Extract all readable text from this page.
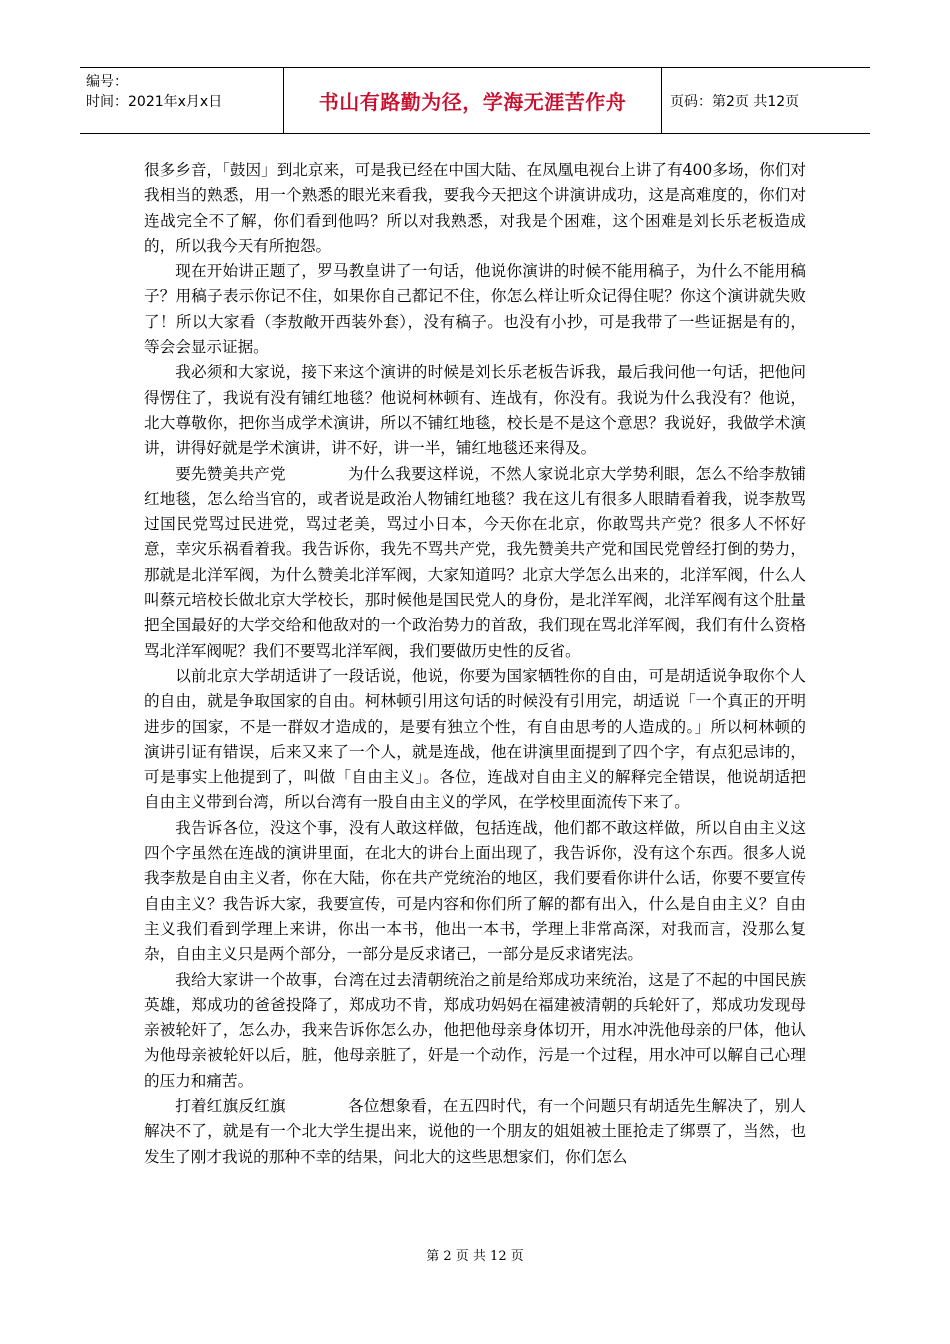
编号：
时间：2021年x月x日	书山有路勤为径，学海无涯苦作舟	页码：第2页 共12页

很多乡音，「鼓因」到北京来，可是我已经在中国大陆、在凤凰电视台上讲了有400多场，你们对我相当的熟悉，用一个熟悉的眼光来看我，要我今天把这个讲演讲成功，这是高难度的，你们对连战完全不了解，你们看到他吗？所以对我熟悉，对我是个困难，这个困难是刘长乐老板造成的，所以我今天有所抱怨。

现在开始讲正题了，罗马教皇讲了一句话，他说你演讲的时候不能用稿子，为什么不能用稿子？用稿子表示你记不住，如果你自己都记不住，你怎么样让听众记得住呢？你这个演讲就失败了！所以大家看（李敖敞开西装外套），没有稿子。也没有小抄，可是我带了一些证据是有的，等会会显示证据。

我必须和大家说，接下来这个演讲的时候是刘长乐老板告诉我，最后我问他一句话，把他问得愣住了，我说有没有铺红地毯？他说柯林顿有、连战有，你没有。我说为什么我没有？他说，北大尊敬你，把你当成学术演讲，所以不铺红地毯，校长是不是这个意思？我说好，我做学术演讲，讲得好就是学术演讲，讲不好，讲一半，铺红地毯还来得及。

要先赞美共产党	为什么我要这样说，不然人家说北京大学势利眼，怎么不给李敖铺红地毯，怎么给当官的，或者说是政治人物铺红地毯？我在这儿有很多人眼睛看着我，说李敖骂过国民党骂过民进党，骂过老美，骂过小日本，今天你在北京，你敢骂共产党？很多人不怀好意，幸灾乐祸看着我。我告诉你，我先不骂共产党，我先赞美共产党和国民党曾经打倒的势力，那就是北洋军阀，为什么赞美北洋军阀，大家知道吗？北京大学怎么出来的，北洋军阀，什么人叫蔡元培校长做北京大学校长，那时候他是国民党人的身份，是北洋军阀，北洋军阀有这个肚量把全国最好的大学交给和他敌对的一个政治势力的首敌，我们现在骂北洋军阀，我们有什么资格骂北洋军阀呢？我们不要骂北洋军阀，我们要做历史性的反省。

以前北京大学胡适讲了一段话说，他说，你要为国家牺牲你的自由，可是胡适说争取你个人的自由，就是争取国家的自由。柯林顿引用这句话的时候没有引用完，胡适说「一个真正的开明进步的国家，不是一群奴才造成的，是要有独立个性，有自由思考的人造成的。」所以柯林顿的演讲引证有错误，后来又来了一个人，就是连战，他在讲演里面提到了四个字，有点犯忌讳的，可是事实上他提到了，叫做「自由主义」。各位，连战对自由主义的解释完全错误，他说胡适把自由主义带到台湾，所以台湾有一股自由主义的学风，在学校里面流传下来了。

我告诉各位，没这个事，没有人敢这样做，包括连战，他们都不敢这样做，所以自由主义这四个字虽然在连战的演讲里面，在北大的讲台上面出现了，我告诉你，没有这个东西。很多人说我李敖是自由主义者，你在大陆，你在共产党统治的地区，我们要看你讲什么话，你要不要宣传自由主义？我告诉大家，我要宣传，可是内容和你们所了解的都有出入，什么是自由主义？自由主义我们看到学理上来讲，你出一本书，他出一本书，学理上非常高深，对我而言，没那么复杂，自由主义只是两个部分，一部分是反求诸己，一部分是反求诸宪法。

我给大家讲一个故事，台湾在过去清朝统治之前是给郑成功来统治，这是了不起的中国民族英雄，郑成功的爸爸投降了，郑成功不肯，郑成功妈妈在福建被清朝的兵轮奸了，郑成功发现母亲被轮奸了，怎么办，我来告诉你怎么办，他把他母亲身体切开，用水冲洗他母亲的尸体，他认为他母亲被轮奸以后，脏，他母亲脏了，奸是一个动作，污是一个过程，用水冲可以解自己心理的压力和痛苦。

打着红旗反红旗	各位想象看，在五四时代，有一个问题只有胡适先生解决了，别人解决不了，就是有一个北大学生提出来，说他的一个朋友的姐姐被土匪抢走了绑票了，当然，也发生了刚才我说的那种不幸的结果，问北大的这些思想家们，你们怎么

第 2 页 共 12 页
